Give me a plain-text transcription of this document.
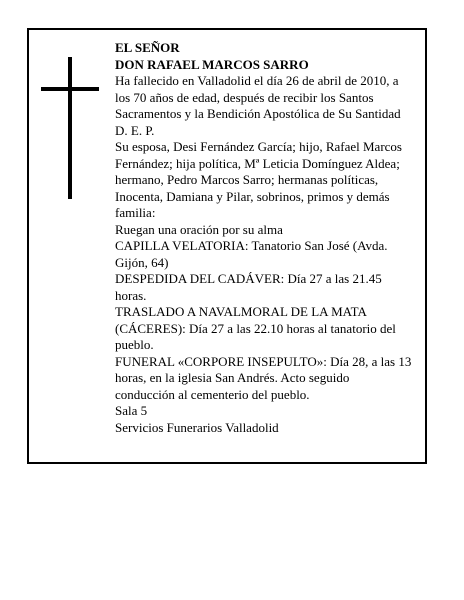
EL SEÑOR
DON RAFAEL MARCOS SARRO
Ha fallecido en Valladolid el día 26 de abril de 2010, a
los 70 años de edad, después de recibir los Santos
Sacramentos y la Bendición Apostólica de Su Santidad
D. E. P.
Su esposa, Desi Fernández García; hijo, Rafael Marcos
Fernández; hija política, Mª Leticia Domínguez Aldea;
hermano, Pedro Marcos Sarro; hermanas políticas,
Inocenta, Damiana y Pilar, sobrinos, primos y demás
familia:
Ruegan una oración por su alma
CAPILLA VELATORIA: Tanatorio San José (Avda.
Gijón, 64)
DESPEDIDA DEL CADÁVER: Día 27 a las 21.45
horas.
TRASLADO A NAVALMORAL DE LA MATA
(CÁCERES): Día 27 a las 22.10 horas al tanatorio del
pueblo.
FUNERAL «CORPORE INSEPULTO»: Día 28, a las 13
horas, en la iglesia San Andrés. Acto seguido
conducción al cementerio del pueblo.
Sala 5
Servicios Funerarios Valladolid
